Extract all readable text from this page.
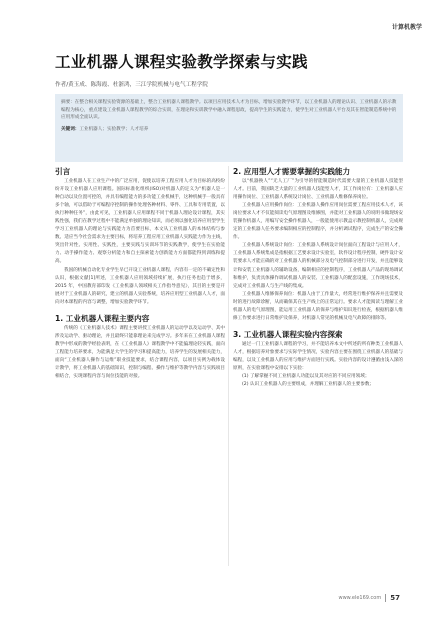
计算机教学
工业机器人课程实验教学探索与实践
作者/黄玉成、陈海霞、杜浙鸿，三江学院机械与电气工程学院

摘要：在整合相关课程实验资源的基础上，整合工业机器人课程教学。以项目应用技术人才为目标，增加实验教学环节，以工业机器人的理论认识、工业机器人的示教编程为核心，重点建设工业机器人课程教学的综合实训，在理论和实训教学中融入课程思政，提高学生的实践能力，使学生对工业机器人平台及其在智能制造系统中的应用形成全面认识。

关键词：工业机器人；实验教学；人才培养

引言

工业机器人在工业生产中的广泛应用，促使以培养工程应用人才为目标的高校纷纷开设工业机器人应用课程。国际标准化组织(ISO)对机器人的定义为“机器人是一种自动以及位置可控的，并具有编程能力的多功能工业机械手，这种机械手一般具有多个轴，可以借助于可编程序控制的操作处理各种材料、零件、工具和专用装置，以执行种种任务”，由此可见，工业机器人应用课程不同于机器人理论设计课程，其实践性强，我们在教学过程中不能满足单独的理论知识，而必须以强化培养应用型学生学习工业机器人的理论与实践能力为首要目标，本文从工业机器人的本体结构与参数、适应当今社会需求为主要目标，将培养工程应用工业机器人实践能力作为主线，突出针对性、实用性、实践性，主要实践与实训环节的实践教学，使学生在实验能力、动手操作能力、观察分析能力和自主探索能力创新能力方面都能得到训练和提高。

我国的机械自动化专业学生早已开设工业机器人课程，内容有一定的不确定性和认识，根据文献[1]所述，工业机器人应用领域持续扩展，执行任务也趋于增多，2015 年，中国教育部印发《工业机器人领域相关工作指导意见》，其目的主要是开展对于工业机器人的研究，建立的机器人实验系统，培养应用型工业机器人人才，面向对本课程的内容与调整，增加实验教学环节。

1. 工业机器人课程主要内容

传统的《工业机器人技术》课程主要讲授工业机器人的运动学以及运动学、其中涉及运动学、驱动理论，并且最终只能靠理论来完成学习。多年来在工业机器人课程教学中形成的教学经验表明，在《工业机器人》课程教学中不能偏理论轻实践，面向工程能力培养要求，为能满足大学生的学习和提高能力，培养学生的发展相关能力，面向“工业机器人操作与运维”职业技能要求，结合课程内容，以项目实例为载体设计教学，将工业机器人的基础知识，控制与编程、操作与维护等教学内容与实践项目相结合，实现课程内容与岗位技能的对接。

2. 应用型人才需要掌握的实践能力

以“机器换人”“无人工厂”为引导的智能制造时代需要大量的工业机器人技能型人才。目前，我国缺乏大量的工业机器人技能型人才，其工作岗位有：工业机器人应用操作岗位、工业机器人系统设计岗位、工业机器人维修保养岗位。

工业机器人应用操作岗位：工业机器人操作应用岗位需要工程应用技术人才，该岗位要求人才不仅能阅读电气原理图及维修图，并能对工业机器人的说明书做现场安装操作机器人，用编写安全操作机器人，一般能使用示教盒示教控制机器人，完成规定的工业机器人任务要求编制相应的控制程序，并分析调试程序，完成生产的安全操作。

工业机器人系统设计岗位：工业机器人系统设计岗位面向工程设计与应用人才，工业机器人系统集成是指根据工艺要求设计实验室，软件设计程序控制，硬件设计安装要求人才能正确的对工业机器人的机械部分及电气控制部分进行开发，并且能够设计和安装工业机器人的辅助设备，编制相应的控制程序，工业机器人产品的现场调试和维护，负责具体操作调试机器人的安装、工业机器人的配套设施，工作现场技术，完成对工业机器人与生产线的集成。

工业机器人维修保养岗位：机器人由于工作量大，经常进行维护保养并且需要及时的进行故障诊断，从而确保其在生产线上的正常运行。要求人才能阅读与理解工业机器人的电气原理图，能运用工业机器人的保养与维护知识进行检查，根据机器人维修工作要求进行日常维护及保养，对机器人常见的机械及电气故障的排除等。

3. 工业机器人课程实验内容探索

通过一门工业机器人课程的学习，并不能培养本文中所述的所有种类工业机器人人才，根据培养对象要求与实际学生情况，实验内容主要在围绕工业机器人的基础与编程，以及工业机器人的应用与维护方面进行实践。实验内容的设计遵循由浅入深的原则，在实验课程中安排以下实验：

(1) 了解掌握不同工业机器人功能以及其对应的不同应用领域；

(2) 认识工业机器人的主要组成，并理解工业机器人的主要参数；

www.ele169.com	57
